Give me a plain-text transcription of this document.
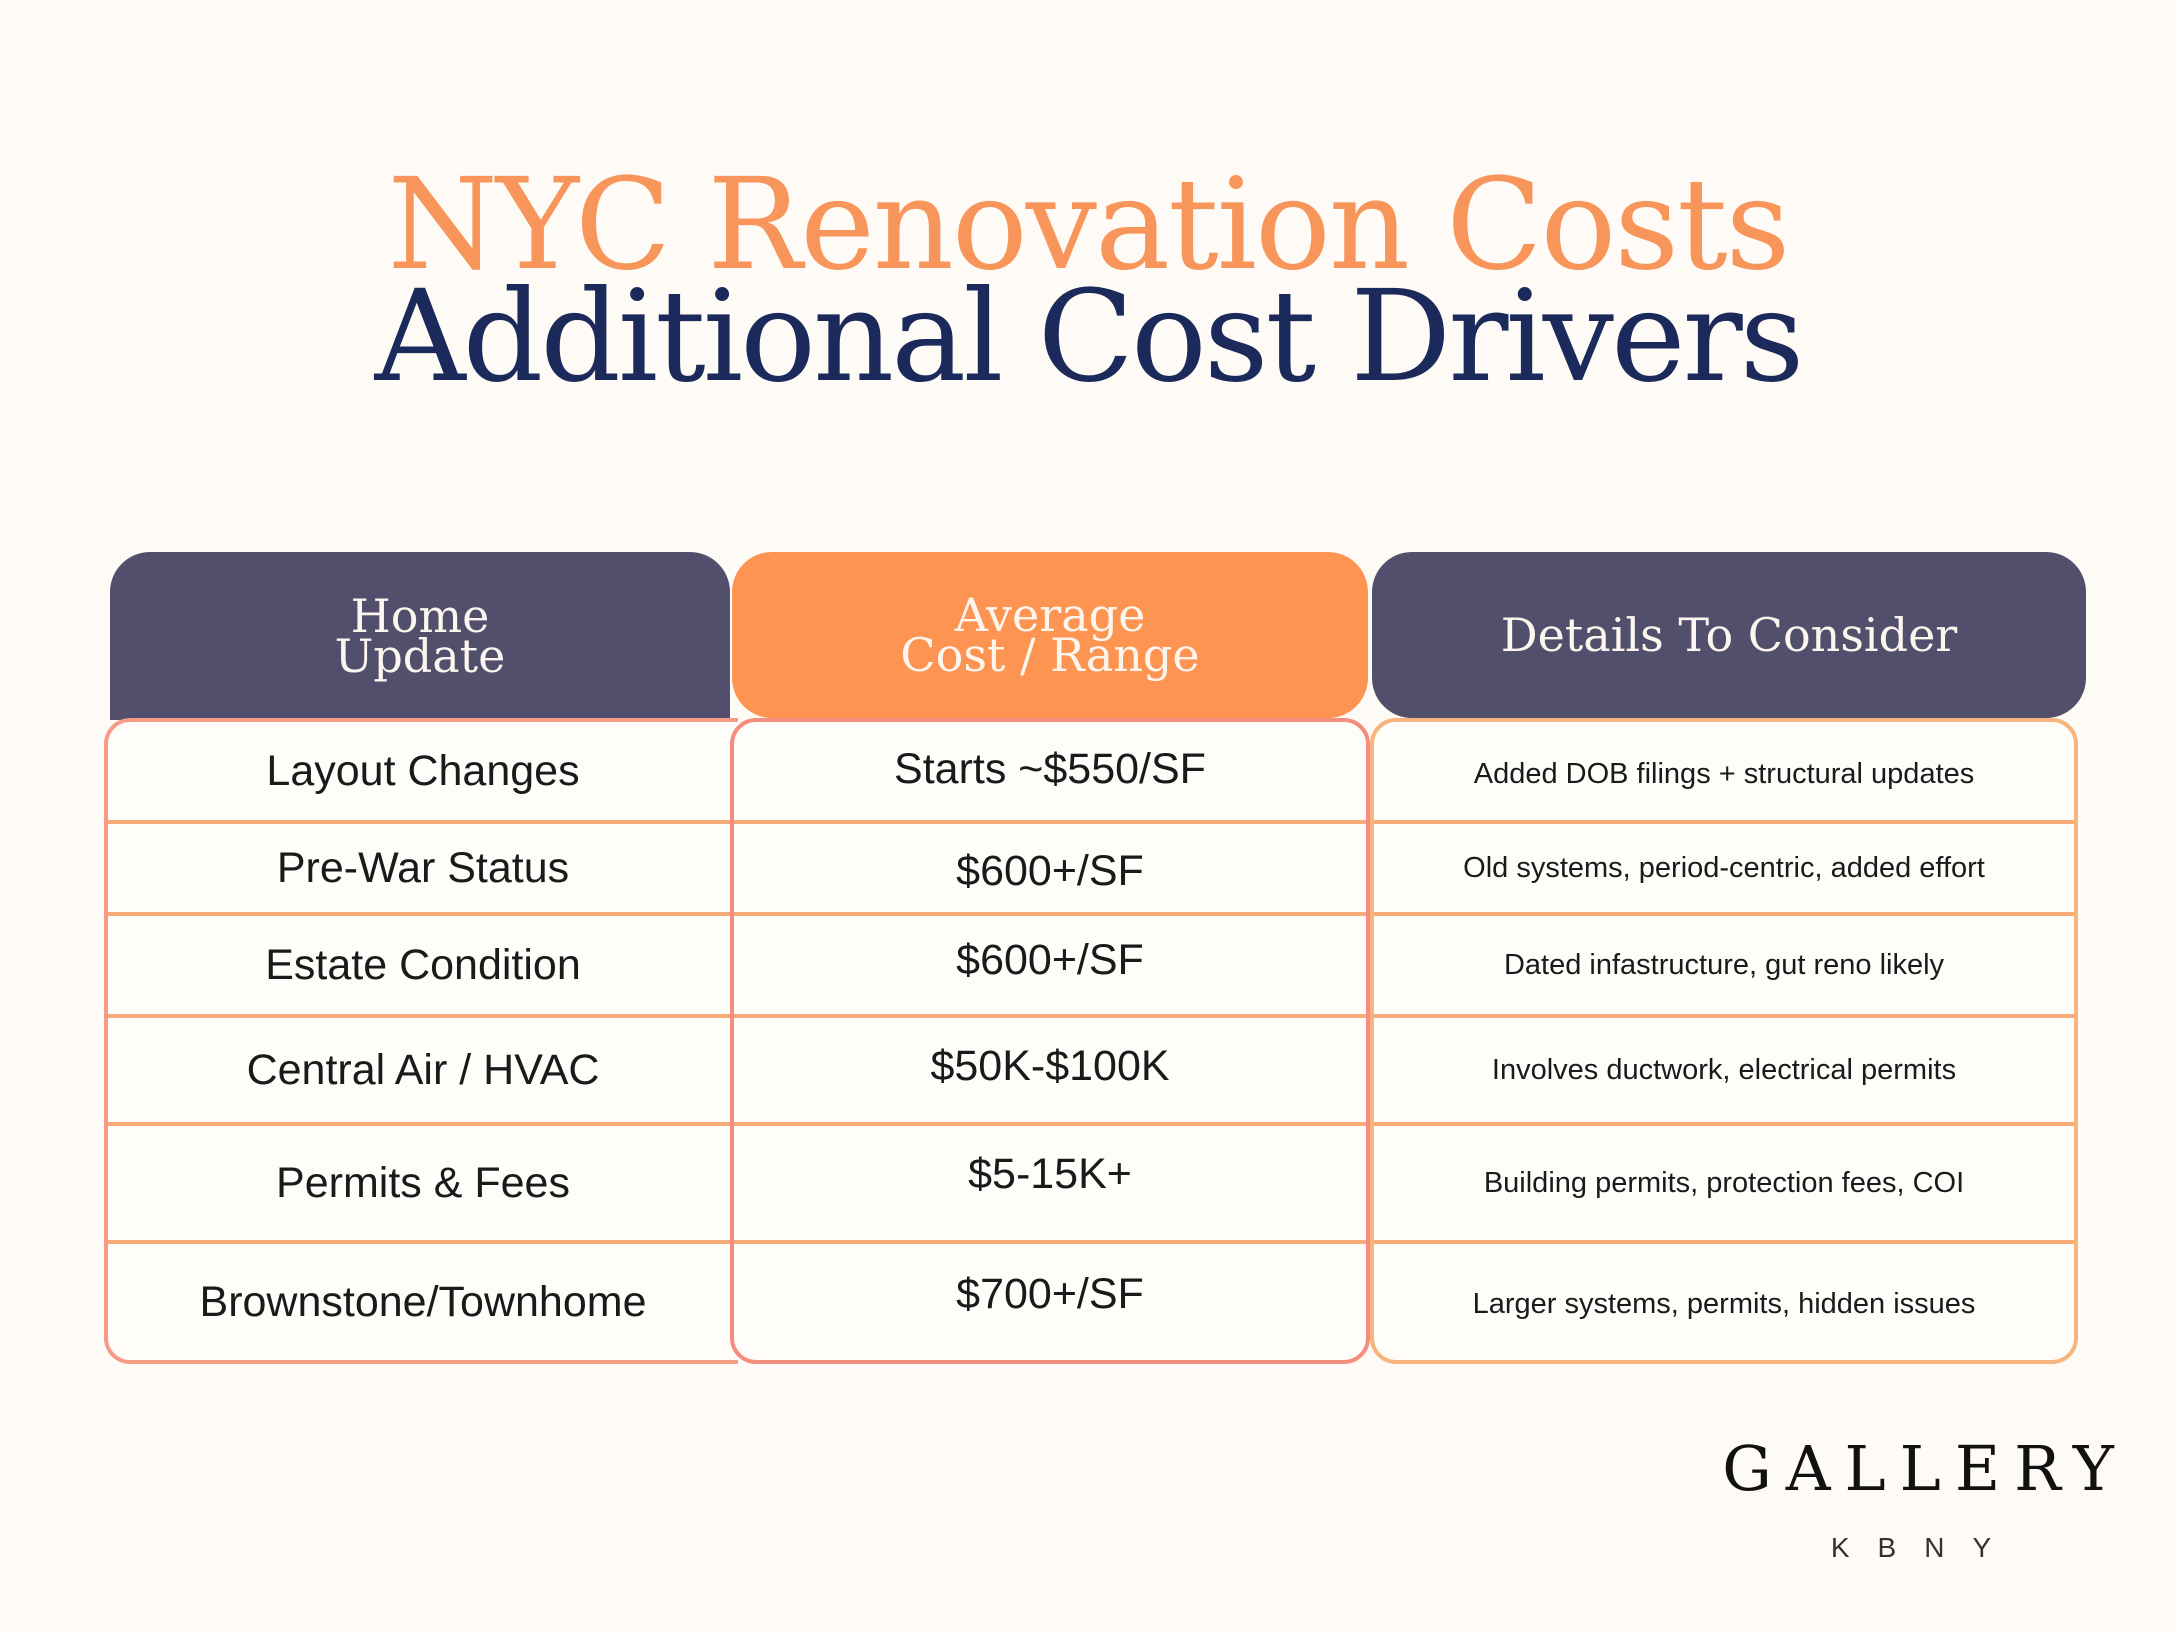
NYC Renovation Costs
Additional Cost Drivers
Home
Update
Average
Cost / Range	Details To Consider
Layout Changes
Pre-War Status
Estate Condition
Central Air / HVAC
Permits & Fees
Brownstone/Townhome
Starts ~$550/SF
$600+/SF
$600+/SF
$50K-$100K
$5-15K+
$700+/SF
Added DOB filings + structural updates
Old systems, period-centric, added effort
Dated infastructure, gut reno likely
Involves ductwork, electrical permits
Building permits, protection fees, COI
Larger systems, permits, hidden issues
GALLERY
KBNY
